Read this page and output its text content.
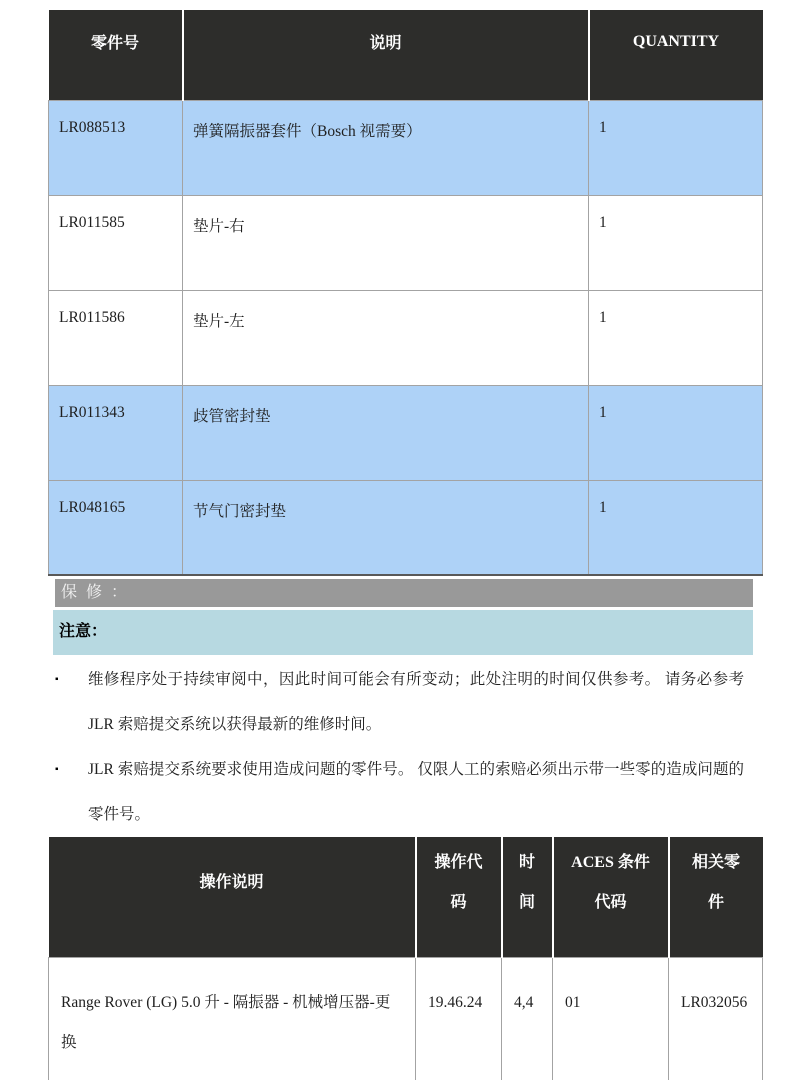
零件号	说明	QUANTITY
LR088513	弹簧隔振器套件（Bosch 视需要）	1
LR011585	垫片-右	1
LR011586	垫片-左	1
LR011343	歧管密封垫	1
LR048165	节气门密封垫	1
保修：
注意：
▪ 维修程序处于持续审阅中，因此时间可能会有所变动；此处注明的时间仅供参考。 请务必参考 JLR 索赔提交系统以获得最新的维修时间。
▪ JLR 索赔提交系统要求使用造成问题的零件号。 仅限人工的索赔必须出示带一些零的造成问题的零件号。
操作说明	操作代码	时间	ACES 条件代码	相关零件
Range Rover (LG) 5.0 升 - 隔振器 - 机械增压器-更换	19.46.24	4,4	01	LR032056
